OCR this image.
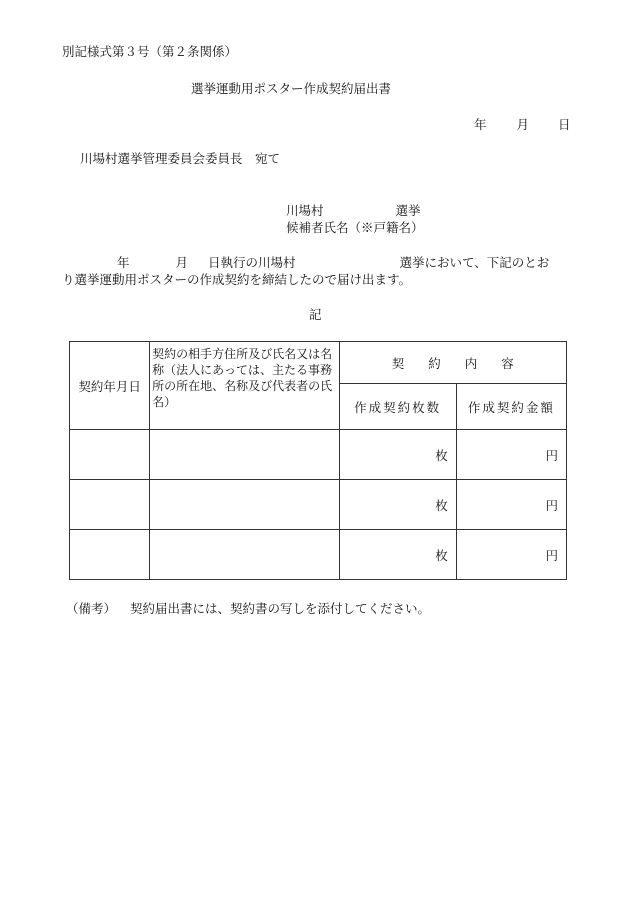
別記様式第３号（第２条関係）
選挙運動用ポスター作成契約届出書
年 月 日
川場村選挙管理委員会委員長　宛て
川場村	選挙
候補者氏名（※戸籍名）
年	月 日執行の川場村	選挙において、下記のとお
り選挙運動用ポスターの作成契約を締結したので届け出ます。
記
契約年月日	契約の相手方住所及び氏名又は名称（法人にあっては、主たる事務所の所在地、名称及び代表者の氏名）	契 約 内 容	
		作成契約枚数	作成契約金額
		枚	円
		枚	円
		枚	円
（備考） 契約届出書には、契約書の写しを添付してください。
